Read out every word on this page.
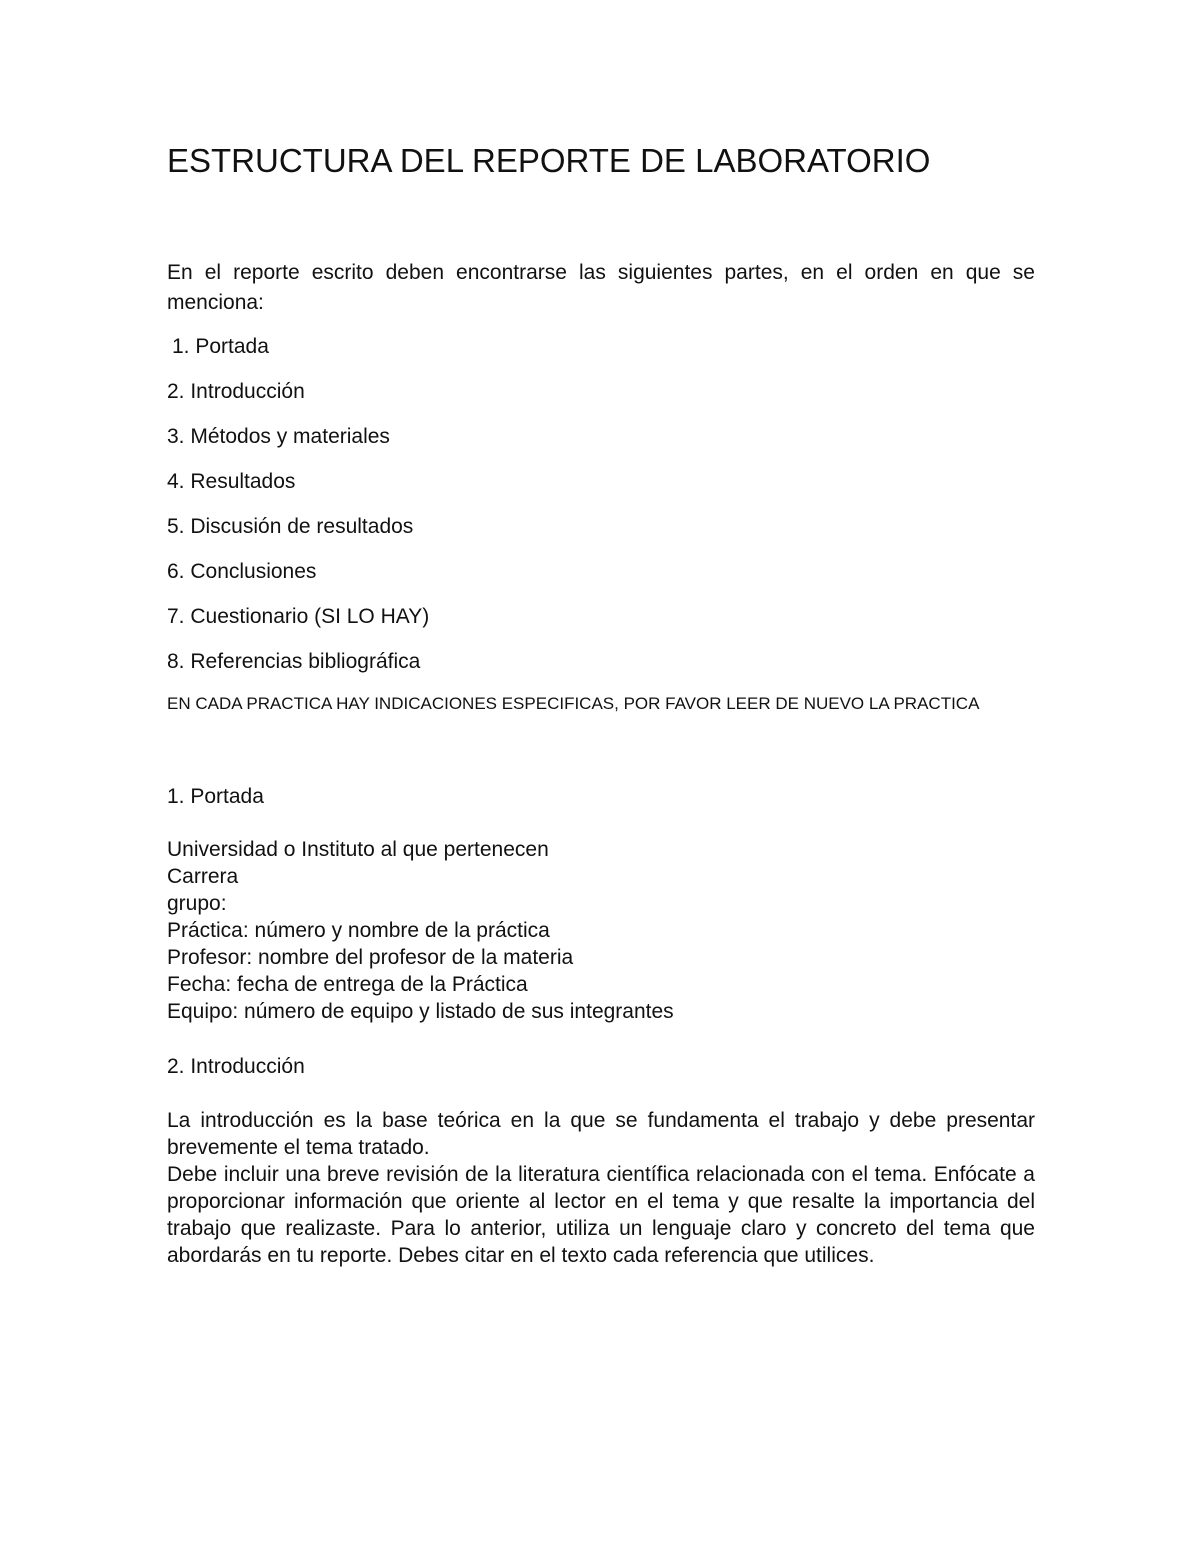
ESTRUCTURA DEL REPORTE DE LABORATORIO
En el reporte escrito deben encontrarse las siguientes partes, en el orden en que se menciona:
1. Portada
2. Introducción
3. Métodos y materiales
4. Resultados
5. Discusión de resultados
6. Conclusiones
7. Cuestionario (SI LO HAY)
8. Referencias bibliográfica
EN CADA PRACTICA HAY INDICACIONES ESPECIFICAS, POR FAVOR LEER DE NUEVO LA PRACTICA
1. Portada
Universidad o Instituto al que pertenecen
Carrera
grupo:
Práctica: número y nombre de la práctica
Profesor: nombre del profesor de la materia
Fecha: fecha de entrega de la Práctica
Equipo: número de equipo y listado de sus integrantes
2. Introducción

La introducción es la base teórica en la que se fundamenta el trabajo y debe presentar brevemente el tema tratado.

Debe incluir una breve revisión de la literatura científica relacionada con el tema. Enfócate a proporcionar información que oriente al lector en el tema y que resalte la importancia del trabajo que realizaste. Para lo anterior, utiliza un lenguaje claro y concreto del tema que abordarás en tu reporte. Debes citar en el texto cada referencia que utilices.
